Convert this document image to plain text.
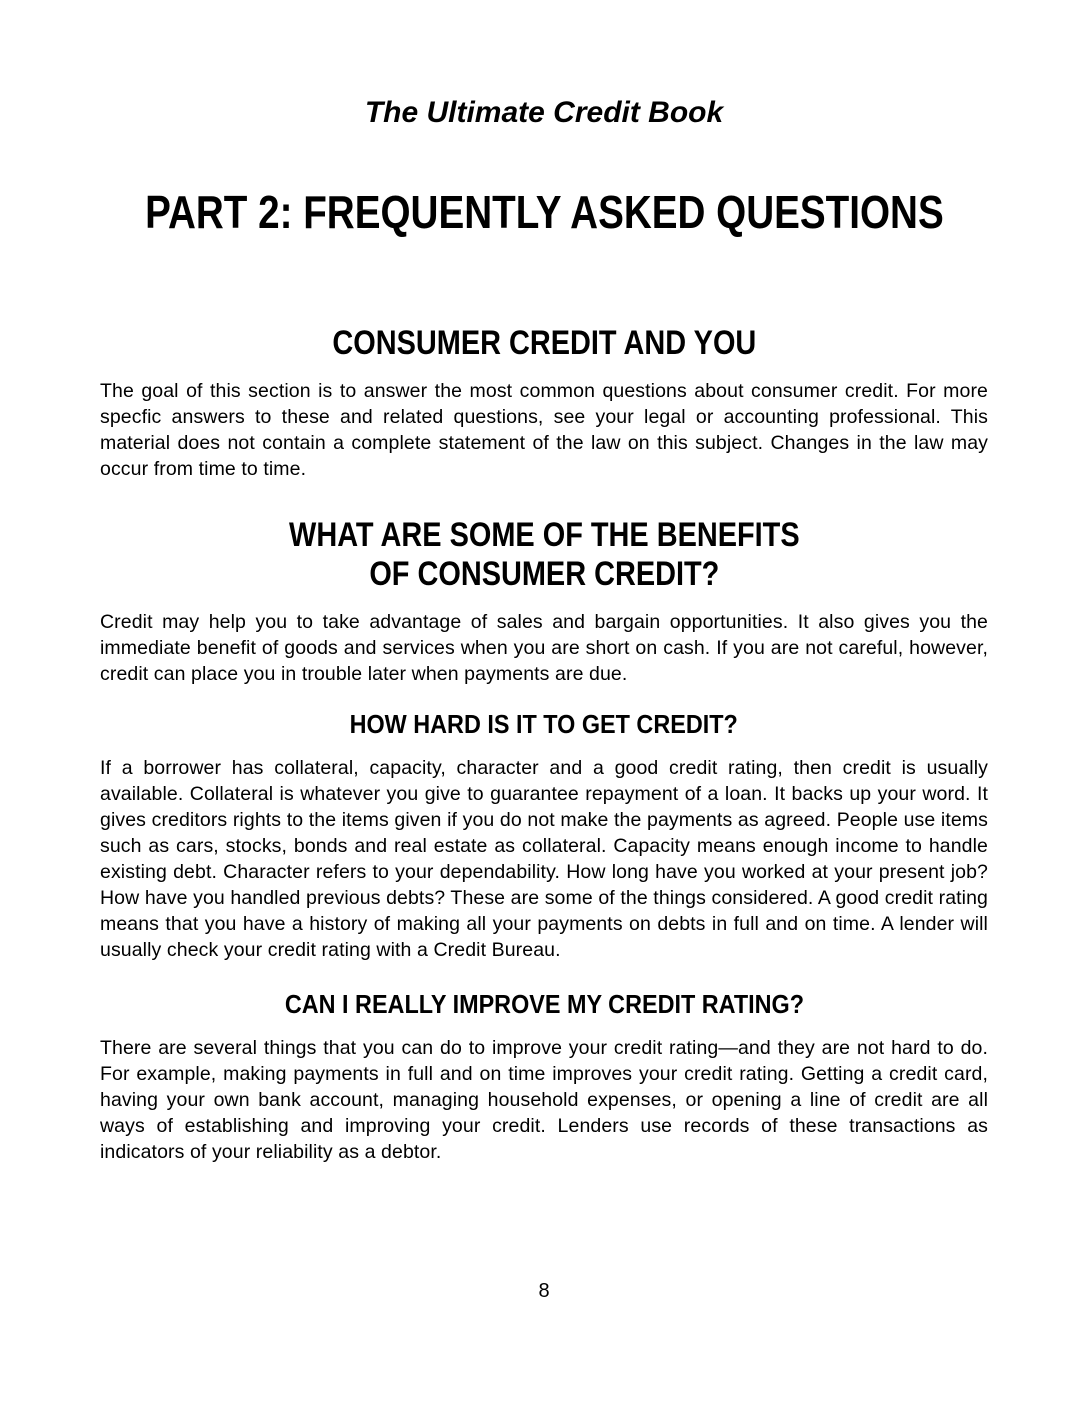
The Ultimate Credit Book
PART 2: FREQUENTLY ASKED QUESTIONS
CONSUMER CREDIT AND YOU

The goal of this section is to answer the most common questions about consumer credit. For more specfic answers to these and related questions, see your legal or accounting professional. This material does not contain a complete statement of the law on this subject. Changes in the law may occur from time to time.

WHAT ARE SOME OF THE BENEFITS
OF CONSUMER CREDIT?

Credit may help you to take advantage of sales and bargain opportunities. It also gives you the immediate benefit of goods and services when you are short on cash. If you are not careful, however, credit can place you in trouble later when payments are due.

HOW HARD IS IT TO GET CREDIT?

If a borrower has collateral, capacity, character and a good credit rating, then credit is usually available. Collateral is whatever you give to guarantee repayment of a loan. It backs up your word. It gives creditors rights to the items given if you do not make the payments as agreed. People use items such as cars, stocks, bonds and real estate as collateral. Capacity means enough income to handle existing debt. Character refers to your dependability. How long have you worked at your present job? How have you handled previous debts? These are some of the things considered. A good credit rating means that you have a history of making all your payments on debts in full and on time. A lender will usually check your credit rating with a Credit Bureau.

CAN I REALLY IMPROVE MY CREDIT RATING?

There are several things that you can do to improve your credit rating—and they are not hard to do. For example, making payments in full and on time improves your credit rating. Getting a credit card, having your own bank account, managing household expenses, or opening a line of credit are all ways of establishing and improving your credit. Lenders use records of these transactions as indicators of your reliability as a debtor.

8
